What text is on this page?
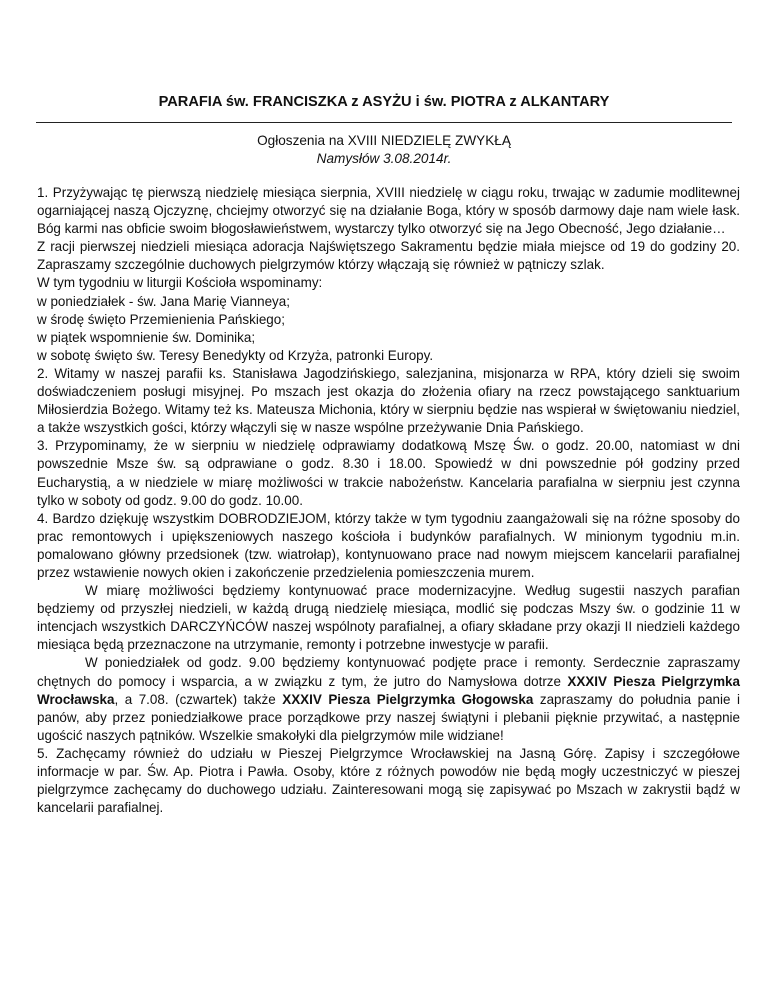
PARAFIA św. FRANCISZKA z ASYŻU i św. PIOTRA z ALKANTARY
Ogłoszenia na XVIII NIEDZIELĘ ZWYKŁĄ
Namysłów 3.08.2014r.

1. Przyżywając tę pierwszą niedzielę miesiąca sierpnia, XVIII niedzielę w ciągu roku, trwając w zadumie modlitewnej ogarniającej naszą Ojczyznę, chciejmy otworzyć się na działanie Boga, który w sposób darmowy daje nam wiele łask. Bóg karmi nas obficie swoim błogosławieństwem, wystarczy tylko otworzyć się na Jego Obecność, Jego działanie…

Z racji pierwszej niedzieli miesiąca adoracja Najświętszego Sakramentu będzie miała miejsce od 19 do godziny 20. Zapraszamy szczególnie duchowych pielgrzymów którzy włączają się również w pątniczy szlak.

W tym tygodniu w liturgii Kościoła wspominamy:

w poniedziałek - św. Jana Marię Vianneya;

w środę święto Przemienienia Pańskiego;

w piątek wspomnienie św. Dominika;

w sobotę święto św. Teresy Benedykty od Krzyża, patronki Europy.

2. Witamy w naszej parafii ks. Stanisława Jagodzińskiego, salezjanina, misjonarza w RPA, który dzieli się swoim doświadczeniem posługi misyjnej. Po mszach jest okazja do złożenia ofiary na rzecz powstającego sanktuarium Miłosierdzia Bożego. Witamy też ks. Mateusza Michonia, który w sierpniu będzie nas wspierał w świętowaniu niedziel, a także wszystkich gości, którzy włączyli się w nasze wspólne przeżywanie Dnia Pańskiego.

3. Przypominamy, że w sierpniu w niedzielę odprawiamy dodatkową Mszę Św. o godz. 20.00, natomiast w dni powszednie Msze św. są odprawiane o godz. 8.30 i 18.00. Spowiedź w dni powszednie pół godziny przed Eucharystią, a w niedziele w miarę możliwości w trakcie nabożeństw. Kancelaria parafialna w sierpniu jest czynna tylko w soboty od godz. 9.00 do godz. 10.00.

4. Bardzo dziękuję wszystkim DOBRODZIEJOM, którzy także w tym tygodniu zaangażowali się na różne sposoby do prac remontowych i upiększeniowych naszego kościoła i budynków parafialnych. W minionym tygodniu m.in. pomalowano główny przedsionek (tzw. wiatrołap), kontynuowano prace nad nowym miejscem kancelarii parafialnej przez wstawienie nowych okien i zakończenie przedzielenia pomieszczenia murem.

W miarę możliwości będziemy kontynuować prace modernizacyjne. Według sugestii naszych parafian będziemy od przyszłej niedzieli, w każdą drugą niedzielę miesiąca, modlić się podczas Mszy św. o godzinie 11 w intencjach wszystkich DARCZYŃCÓW naszej wspólnoty parafialnej, a ofiary składane przy okazji II niedzieli każdego miesiąca będą przeznaczone na utrzymanie, remonty i potrzebne inwestycje w parafii.

W poniedziałek od godz. 9.00 będziemy kontynuować podjęte prace i remonty. Serdecznie zapraszamy chętnych do pomocy i wsparcia, a w związku z tym, że jutro do Namysłowa dotrze XXXIV Piesza Pielgrzymka Wrocławska, a 7.08. (czwartek) także XXXIV Piesza Pielgrzymka Głogowska zapraszamy do południa panie i panów, aby przez poniedziałkowe prace porządkowe przy naszej świątyni i plebanii pięknie przywitać, a następnie ugościć naszych pątników. Wszelkie smakołyki dla pielgrzymów mile widziane!

5. Zachęcamy również do udziału w Pieszej Pielgrzymce Wrocławskiej na Jasną Górę. Zapisy i szczegółowe informacje w par. Św. Ap. Piotra i Pawła. Osoby, które z różnych powodów nie będą mogły uczestniczyć w pieszej pielgrzymce zachęcamy do duchowego udziału. Zainteresowani mogą się zapisywać po Mszach w zakrystii bądź w kancelarii parafialnej.
